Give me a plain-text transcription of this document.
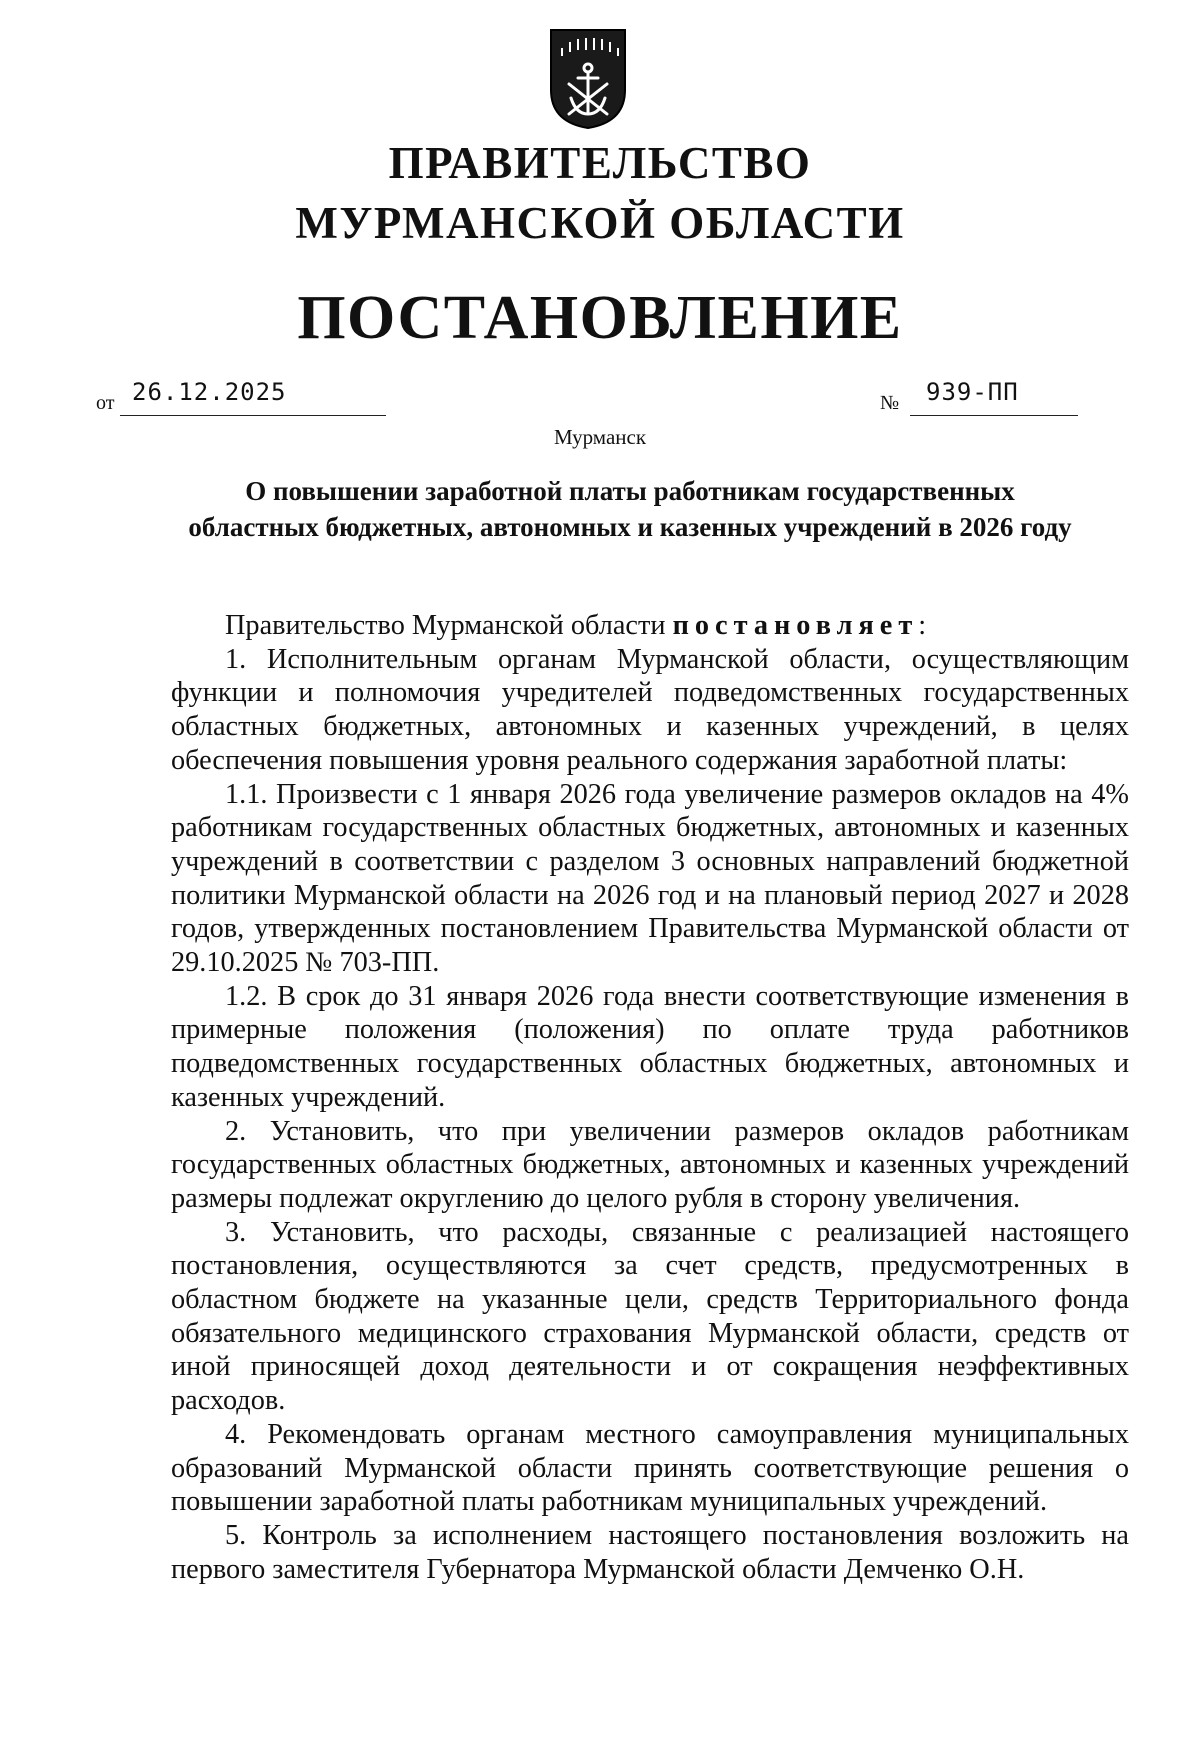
ПРАВИТЕЛЬСТВО
МУРМАНСКОЙ ОБЛАСТИ
ПОСТАНОВЛЕНИЕ
от 26.12.2025	№ 939-ПП
Мурманск
О повышении заработной платы работникам государственных
областных бюджетных, автономных и казенных учреждений в 2026 году

Правительство Мурманской области постановляет:

1. Исполнительным органам Мурманской области, осуществляющим функции и полномочия учредителей подведомственных государственных областных бюджетных, автономных и казенных учреждений, в целях обеспечения повышения уровня реального содержания заработной платы:

1.1. Произвести с 1 января 2026 года увеличение размеров окладов на 4% работникам государственных областных бюджетных, автономных и казенных учреждений в соответствии с разделом 3 основных направлений бюджетной политики Мурманской области на 2026 год и на плановый период 2027 и 2028 годов, утвержденных постановлением Правительства Мурманской области от 29.10.2025 № 703-ПП.

1.2. В срок до 31 января 2026 года внести соответствующие изменения в примерные положения (положения) по оплате труда работников подведомственных государственных областных бюджетных, автономных и казенных учреждений.

2. Установить, что при увеличении размеров окладов работникам государственных областных бюджетных, автономных и казенных учреждений размеры подлежат округлению до целого рубля в сторону увеличения.

3. Установить, что расходы, связанные с реализацией настоящего постановления, осуществляются за счет средств, предусмотренных в областном бюджете на указанные цели, средств Территориального фонда обязательного медицинского страхования Мурманской области, средств от иной приносящей доход деятельности и от сокращения неэффективных расходов.

4. Рекомендовать органам местного самоуправления муниципальных образований Мурманской области принять соответствующие решения о повышении заработной платы работникам муниципальных учреждений.

5. Контроль за исполнением настоящего постановления возложить на первого заместителя Губернатора Мурманской области Демченко О.Н.
